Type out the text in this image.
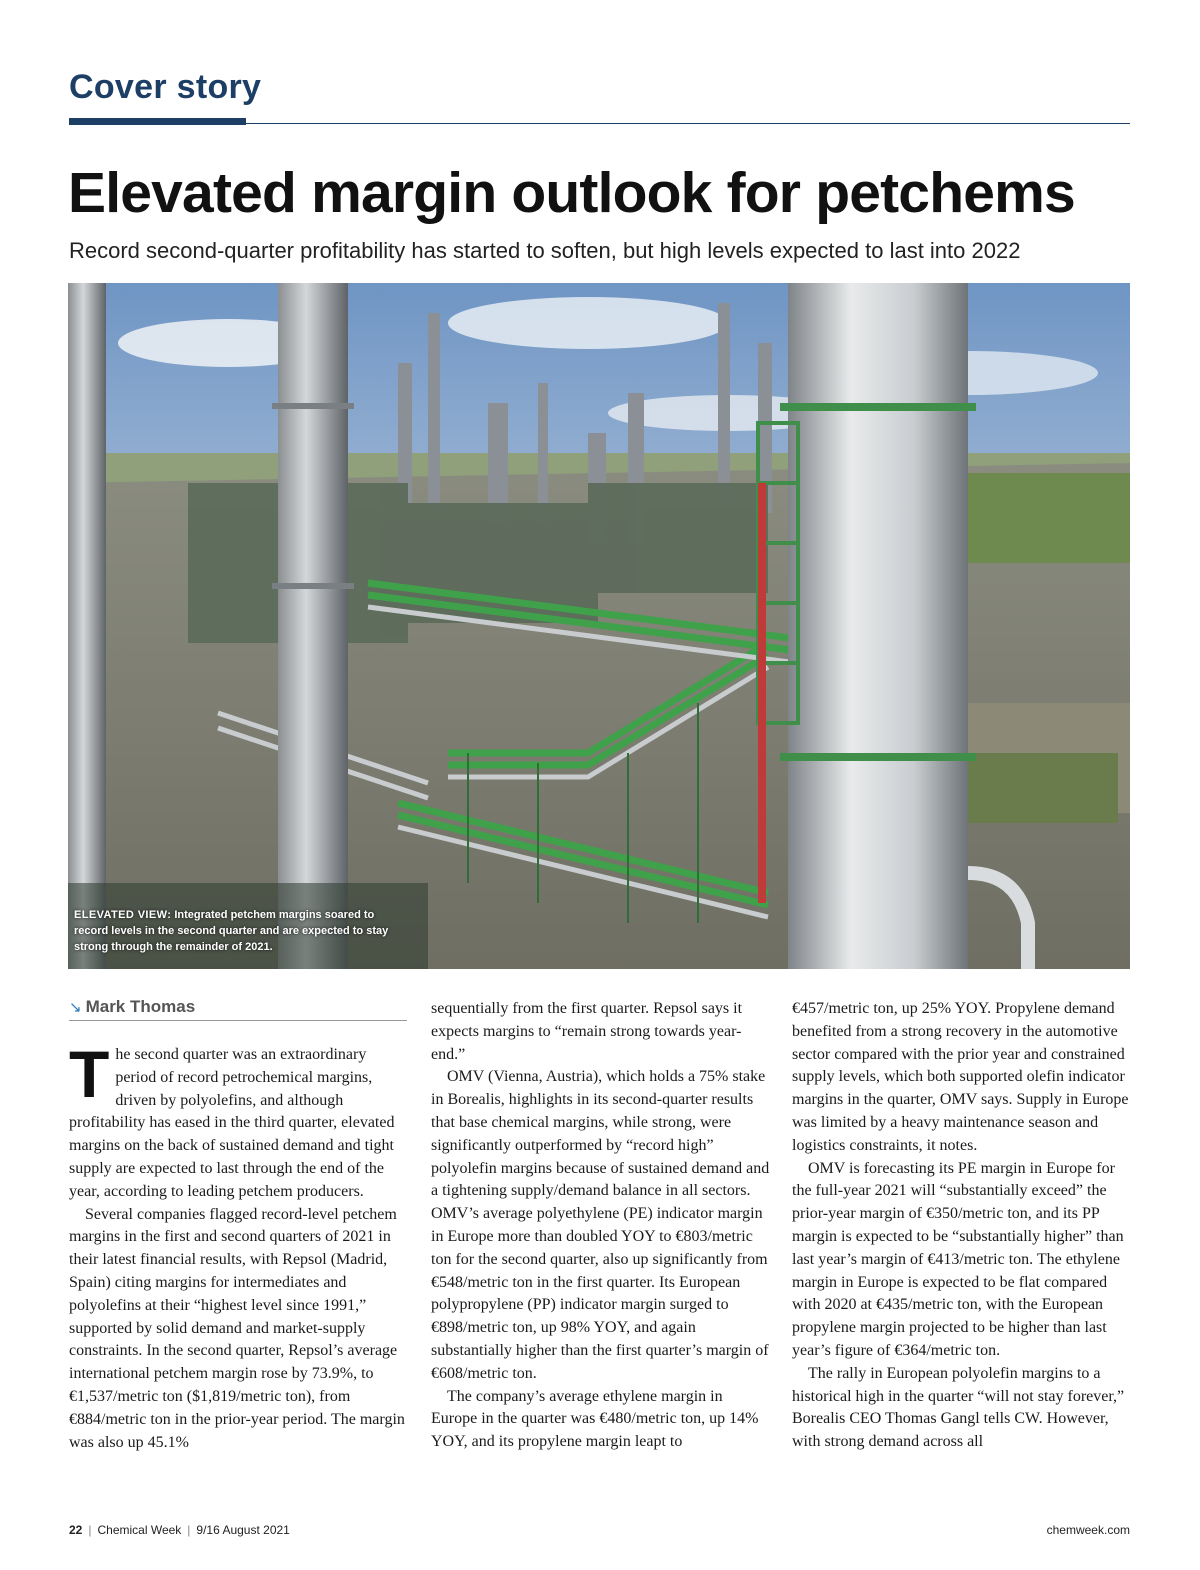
Cover story
Elevated margin outlook for petchems
Record second-quarter profitability has started to soften, but high levels expected to last into 2022
ELEVATED VIEW: Integrated petchem margins soared to record levels in the second quarter and are expected to stay strong through the remainder of 2021.
↘ Mark Thomas

The second quarter was an extraordinary period of record petrochemical margins, driven by polyolefins, and although profitability has eased in the third quarter, elevated margins on the back of sustained demand and tight supply are expected to last through the end of the year, according to leading petchem producers.

Several companies flagged record-level petchem margins in the first and second quarters of 2021 in their latest financial results, with Repsol (Madrid, Spain) citing margins for intermediates and polyolefins at their “highest level since 1991,” supported by solid demand and market-supply constraints. In the second quarter, Repsol’s average international petchem margin rose by 73.9%, to €1,537/metric ton ($1,819/metric ton), from €884/metric ton in the prior-year period. The margin was also up 45.1%

sequentially from the first quarter. Repsol says it expects margins to “remain strong towards year-end.”

OMV (Vienna, Austria), which holds a 75% stake in Borealis, highlights in its second-quarter results that base chemical margins, while strong, were significantly outperformed by “record high” polyolefin margins because of sustained demand and a tightening supply/demand balance in all sectors. OMV’s average polyethylene (PE) indicator margin in Europe more than doubled YOY to €803/metric ton for the second quarter, also up significantly from €548/metric ton in the first quarter. Its European polypropylene (PP) indicator margin surged to €898/metric ton, up 98% YOY, and again substantially higher than the first quarter’s margin of €608/metric ton.

The company’s average ethylene margin in Europe in the quarter was €480/metric ton, up 14% YOY, and its propylene margin leapt to

€457/metric ton, up 25% YOY. Propylene demand benefited from a strong recovery in the automotive sector compared with the prior year and constrained supply levels, which both supported olefin indicator margins in the quarter, OMV says. Supply in Europe was limited by a heavy maintenance season and logistics constraints, it notes.

OMV is forecasting its PE margin in Europe for the full-year 2021 will “substantially exceed” the prior-year margin of €350/metric ton, and its PP margin is expected to be “substantially higher” than last year’s margin of €413/metric ton. The ethylene margin in Europe is expected to be flat compared with 2020 at €435/metric ton, with the European propylene margin projected to be higher than last year’s figure of €364/metric ton.

The rally in European polyolefin margins to a historical high in the quarter “will not stay forever,” Borealis CEO Thomas Gangl tells CW. However, with strong demand across all

22 | Chemical Week | 9/16 August 2021	chemweek.com
